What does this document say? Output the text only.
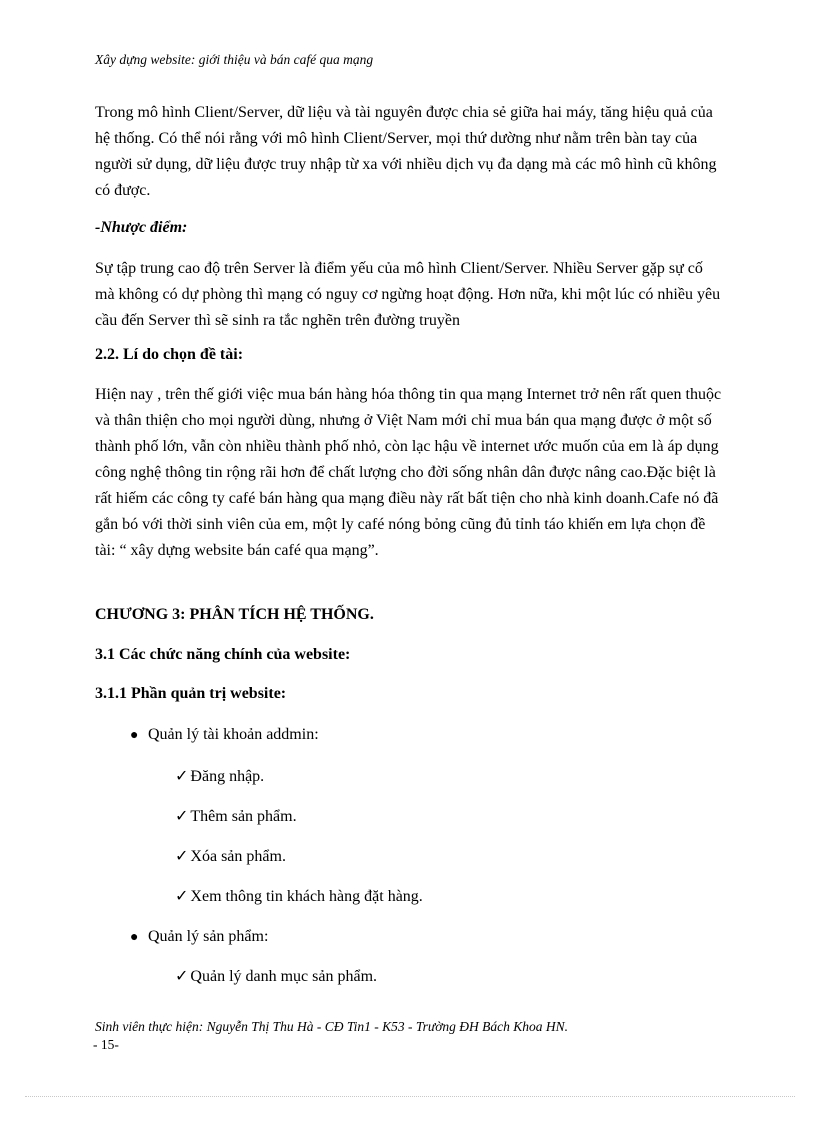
Xây dựng website: giới thiệu và bán café qua mạng
Trong mô hình Client/Server, dữ liệu và tài nguyên được chia sẻ giữa hai máy, tăng hiệu quả của hệ thống. Có thể nói rằng với mô hình Client/Server, mọi thứ dường như nằm trên bàn tay của người sử dụng, dữ liệu được truy nhập từ xa với nhiều dịch vụ đa dạng mà các mô hình cũ không có được.
-Nhược điểm:
Sự tập trung cao độ trên Server là điểm yếu của mô hình Client/Server. Nhiều Server gặp sự cố mà không có dự phòng thì mạng có nguy cơ ngừng hoạt động. Hơn nữa, khi một lúc có nhiều yêu cầu đến Server thì sẽ sinh ra tắc nghẽn trên đường truyền
2.2. Lí do chọn đề tài:
Hiện nay , trên thế giới việc mua bán hàng hóa thông tin qua mạng Internet trở nên rất quen thuộc và thân thiện cho mọi người dùng, nhưng ở Việt Nam mới chỉ mua bán qua mạng được ở một số thành phố lớn, vẫn còn nhiều thành phố nhỏ, còn lạc hậu về internet ước muốn của em là áp dụng công nghệ thông tin rộng rãi hơn để chất lượng cho đời sống nhân dân được nâng cao.Đặc biệt là rất hiếm các công ty café bán hàng qua mạng điều này rất bất tiện cho nhà kinh doanh.Cafe nó đã gắn bó với thời sinh viên của em, một ly café nóng bỏng cũng đủ tỉnh táo khiến em lựa chọn đề tài: “ xây dựng website bán café qua mạng”.
CHƯƠNG 3: PHÂN TÍCH HỆ THỐNG.
3.1 Các chức năng chính của website:
3.1.1 Phần quản trị website:
● Quản lý tài khoản addmin:
✓ Đăng nhập.
✓ Thêm sản phẩm.
✓ Xóa sản phẩm.
✓ Xem thông tin khách hàng đặt hàng.
● Quản lý sản phẩm:
✓ Quản lý danh mục sản phẩm.
Sinh viên thực hiện: Nguyễn Thị Thu Hà - CĐ Tin1 - K53 - Trường ĐH Bách Khoa HN.
- 15-
